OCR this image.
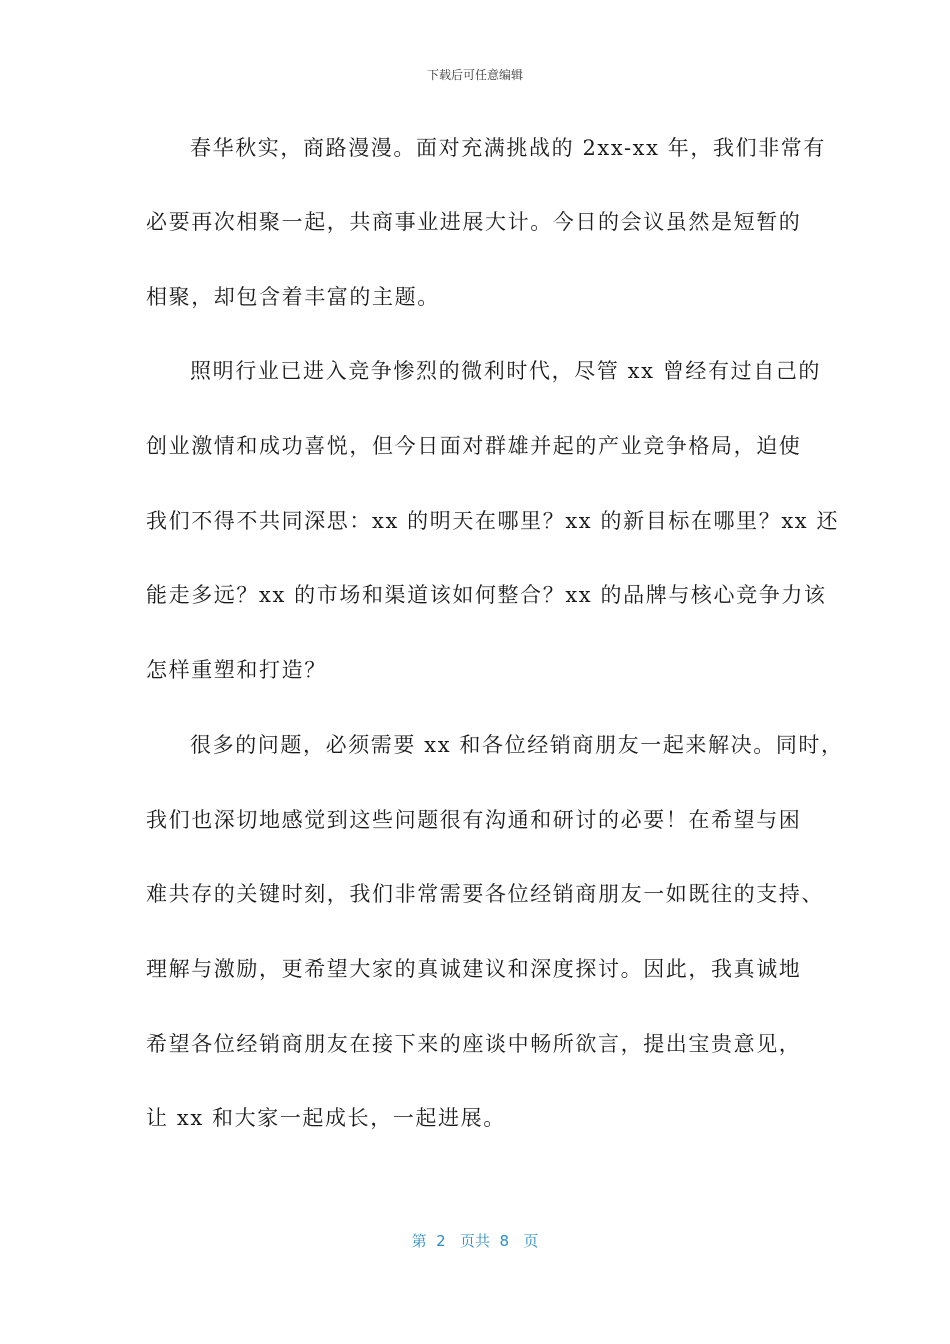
下载后可任意编辑
春华秋实，商路漫漫。面对充满挑战的 2xx-xx 年，我们非常有
必要再次相聚一起，共商事业进展大计。今日的会议虽然是短暂的
相聚，却包含着丰富的主题。
照明行业已进入竞争惨烈的微利时代，尽管 xx 曾经有过自己的
创业激情和成功喜悦，但今日面对群雄并起的产业竞争格局，迫使
我们不得不共同深思：xx 的明天在哪里？xx 的新目标在哪里？xx 还
能走多远？xx 的市场和渠道该如何整合？xx 的品牌与核心竞争力该
怎样重塑和打造？
很多的问题，必须需要 xx 和各位经销商朋友一起来解决。同时，
我们也深切地感觉到这些问题很有沟通和研讨的必要！在希望与困
难共存的关键时刻，我们非常需要各位经销商朋友一如既往的支持、
理解与激励，更希望大家的真诚建议和深度探讨。因此，我真诚地
希望各位经销商朋友在接下来的座谈中畅所欲言，提出宝贵意见，
让 xx 和大家一起成长，一起进展。
第  2   页共  8   页
